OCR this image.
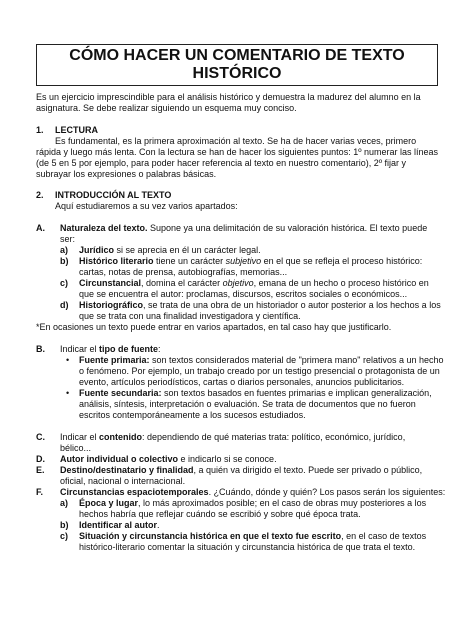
CÓMO HACER UN COMENTARIO DE TEXTO
HISTÓRICO
Es un ejercicio imprescindible para el análisis histórico y demuestra la madurez del alumno en la
asignatura. Se debe realizar siguiendo un esquema muy conciso.
1. LECTURA
Es fundamental, es la primera aproximación al texto. Se ha de hacer varias veces, primero
rápida y luego más lenta. Con la lectura se han de hacer los siguientes puntos: 1º numerar las líneas
(de 5 en 5 por ejemplo, para poder hacer referencia al texto en nuestro comentario), 2º fijar y
subrayar los expresiones o palabras básicas.
2. INTRODUCCIÓN AL TEXTO
Aquí estudiaremos a su vez varios apartados:
A. Naturaleza del texto. Supone ya una delimitación de su valoración histórica. El texto puede
ser:
a) Jurídico si se aprecia en él un carácter legal.
b) Histórico literario tiene un carácter subjetivo en el que se refleja el proceso histórico:
cartas, notas de prensa, autobiografías, memorias...
c) Circunstancial, domina el carácter objetivo, emana de un hecho o proceso histórico en
que se encuentra el autor: proclamas, discursos, escritos sociales o económicos...
d) Historiográfico, se trata de una obra de un historiador o autor posterior a los hechos a los
que se trata con una finalidad investigadora y científica.
*En ocasiones un texto puede entrar en varios apartados, en tal caso hay que justificarlo.
B. Indicar el tipo de fuente:
• Fuente primaria: son textos considerados material de "primera mano" relativos a un hecho
o fenómeno. Por ejemplo, un trabajo creado por un testigo presencial o protagonista de un
evento, artículos periodísticos, cartas o diarios personales, anuncios publicitarios.
• Fuente secundaria: son textos basados en fuentes primarias e implican generalización,
análisis, síntesis, interpretación o evaluación. Se trata de documentos que no fueron
escritos contemporáneamente a los sucesos estudiados.
C. Indicar el contenido: dependiendo de qué materias trata: político, económico, jurídico,
bélico...
D. Autor individual o colectivo e indicarlo si se conoce.
E. Destino/destinatario y finalidad, a quién va dirigido el texto. Puede ser privado o público,
oficial, nacional o internacional.
F. Circunstancias espaciotemporales. ¿Cuándo, dónde y quién? Los pasos serán los siguientes:
a) Época y lugar, lo más aproximados posible; en el caso de obras muy posteriores a los
hechos habría que reflejar cuándo se escribió y sobre qué época trata.
b) Identificar al autor.
c) Situación y circunstancia histórica en que el texto fue escrito, en el caso de textos
histórico-literario comentar la situación y circunstancia histórica de que trata el texto.
